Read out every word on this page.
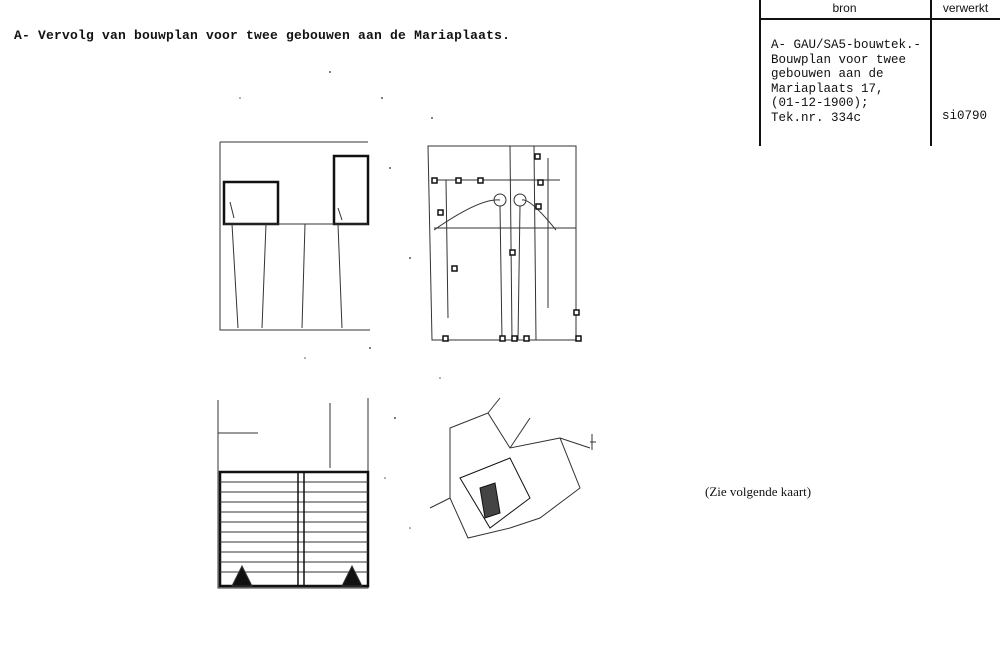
A- Vervolg van bouwplan voor twee gebouwen aan de Mariaplaats.
bron	verwerkt
A- GAU/SA5-bouwtek.-
Bouwplan voor twee
gebouwen aan de
Mariaplaats 17,
(01-12-1900);
Tek.nr. 334c	si0790
(Zie volgende kaart)
